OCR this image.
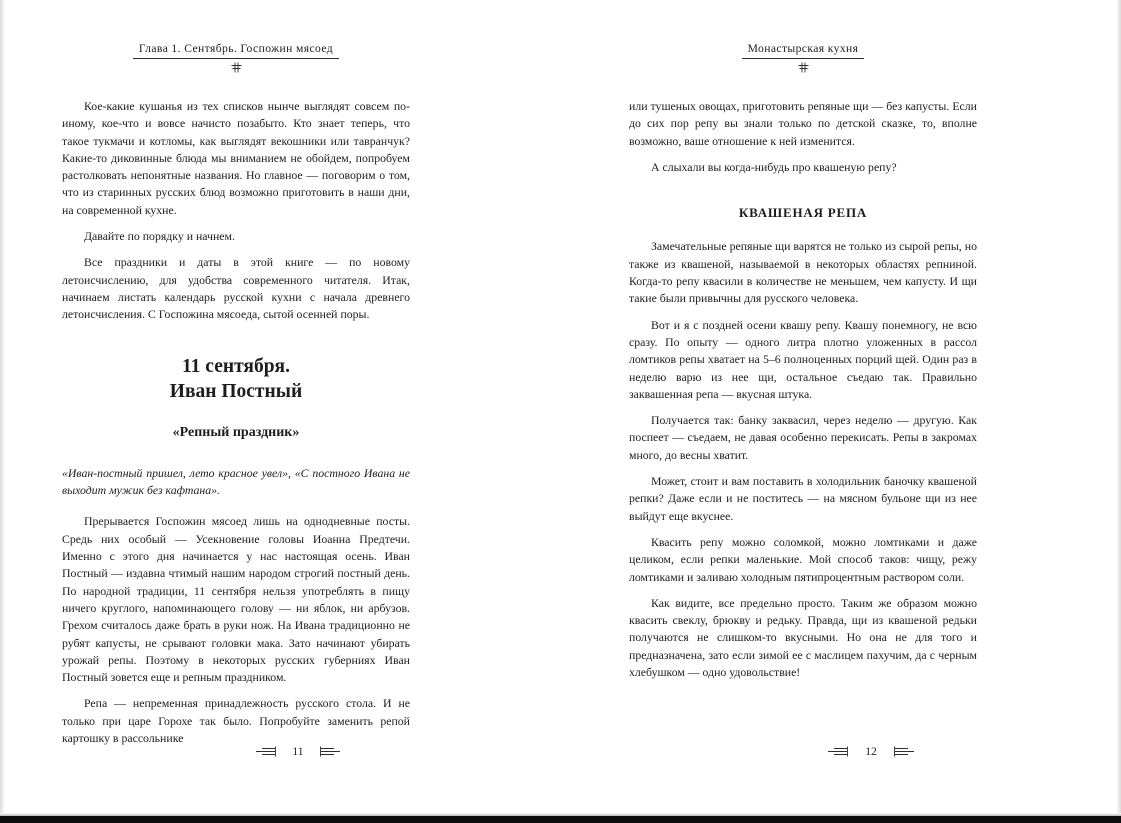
Глава 1. Сентябрь. Госпожин мясоед

Кое-какие кушанья из тех списков нынче выглядят совсем по-иному, кое-что и вовсе начисто позабыто. Кто знает теперь, что такое тукмачи и котломы, как выглядят векошники или тавранчук? Какие-то диковинные блюда мы вниманием не обойдем, попробуем растолковать непонятные названия. Но главное — поговорим о том, что из старинных русских блюд возможно приготовить в наши дни, на современной кухне.

Давайте по порядку и начнем.

Все праздники и даты в этой книге — по новому летоисчислению, для удобства современного читателя. Итак, начинаем листать календарь русской кухни с начала древнего летоисчисления. С Госпожина мясоеда, сытой осенней поры.

11 сентября.
Иван Постный

«Репный праздник»

«Иван-постный пришел, лето красное увел», «С постного Ивана не выходит мужик без кафтана».

Прерывается Госпожин мясоед лишь на однодневные посты. Средь них особый — Усекновение головы Иоанна Предтечи. Именно с этого дня начинается у нас настоящая осень. Иван Постный — издавна чтимый нашим народом строгий постный день. По народной традиции, 11 сентября нельзя употреблять в пищу ничего круглого, напоминающего голову — ни яблок, ни арбузов. Грехом считалось даже брать в руки нож. На Ивана традиционно не рубят капусты, не срывают головки мака. Зато начинают убирать урожай репы. Поэтому в некоторых русских губерниях Иван Постный зовется еще и репным праздником.

Репа — непременная принадлежность русского стола. И не только при царе Горохе так было. Попробуйте заменить репой картошку в рассольнике

11
Монастырская кухня

или тушеных овощах, приготовить репяные щи — без капусты. Если до сих пор репу вы знали только по детской сказке, то, вполне возможно, ваше отношение к ней изменится.

А слыхали вы когда-нибудь про квашеную репу?

КВАШЕНАЯ РЕПА

Замечательные репяные щи варятся не только из сырой репы, но также из квашеной, называемой в некоторых областях репниной. Когда-то репу квасили в количестве не меньшем, чем капусту. И щи такие были привычны для русского человека.

Вот и я с поздней осени квашу репу. Квашу понемногу, не всю сразу. По опыту — одного литра плотно уложенных в рассол ломтиков репы хватает на 5–6 полноценных порций щей. Один раз в неделю варю из нее щи, остальное съедаю так. Правильно заквашенная репа — вкусная штука.

Получается так: банку заквасил, через неделю — другую. Как поспеет — съедаем, не давая особенно перекисать. Репы в закромах много, до весны хватит.

Может, стоит и вам поставить в холодильник баночку квашеной репки? Даже если и не поститесь — на мясном бульоне щи из нее выйдут еще вкуснее.

Квасить репу можно соломкой, можно ломтиками и даже целиком, если репки маленькие. Мой способ таков: чищу, режу ломтиками и заливаю холодным пятипроцентным раствором соли.

Как видите, все предельно просто. Таким же образом можно квасить свеклу, брюкву и редьку. Правда, щи из квашеной редьки получаются не слишком-то вкусными. Но она не для того и предназначена, зато если зимой ее с маслицем пахучим, да с черным хлебушком — одно удовольствие!

12
